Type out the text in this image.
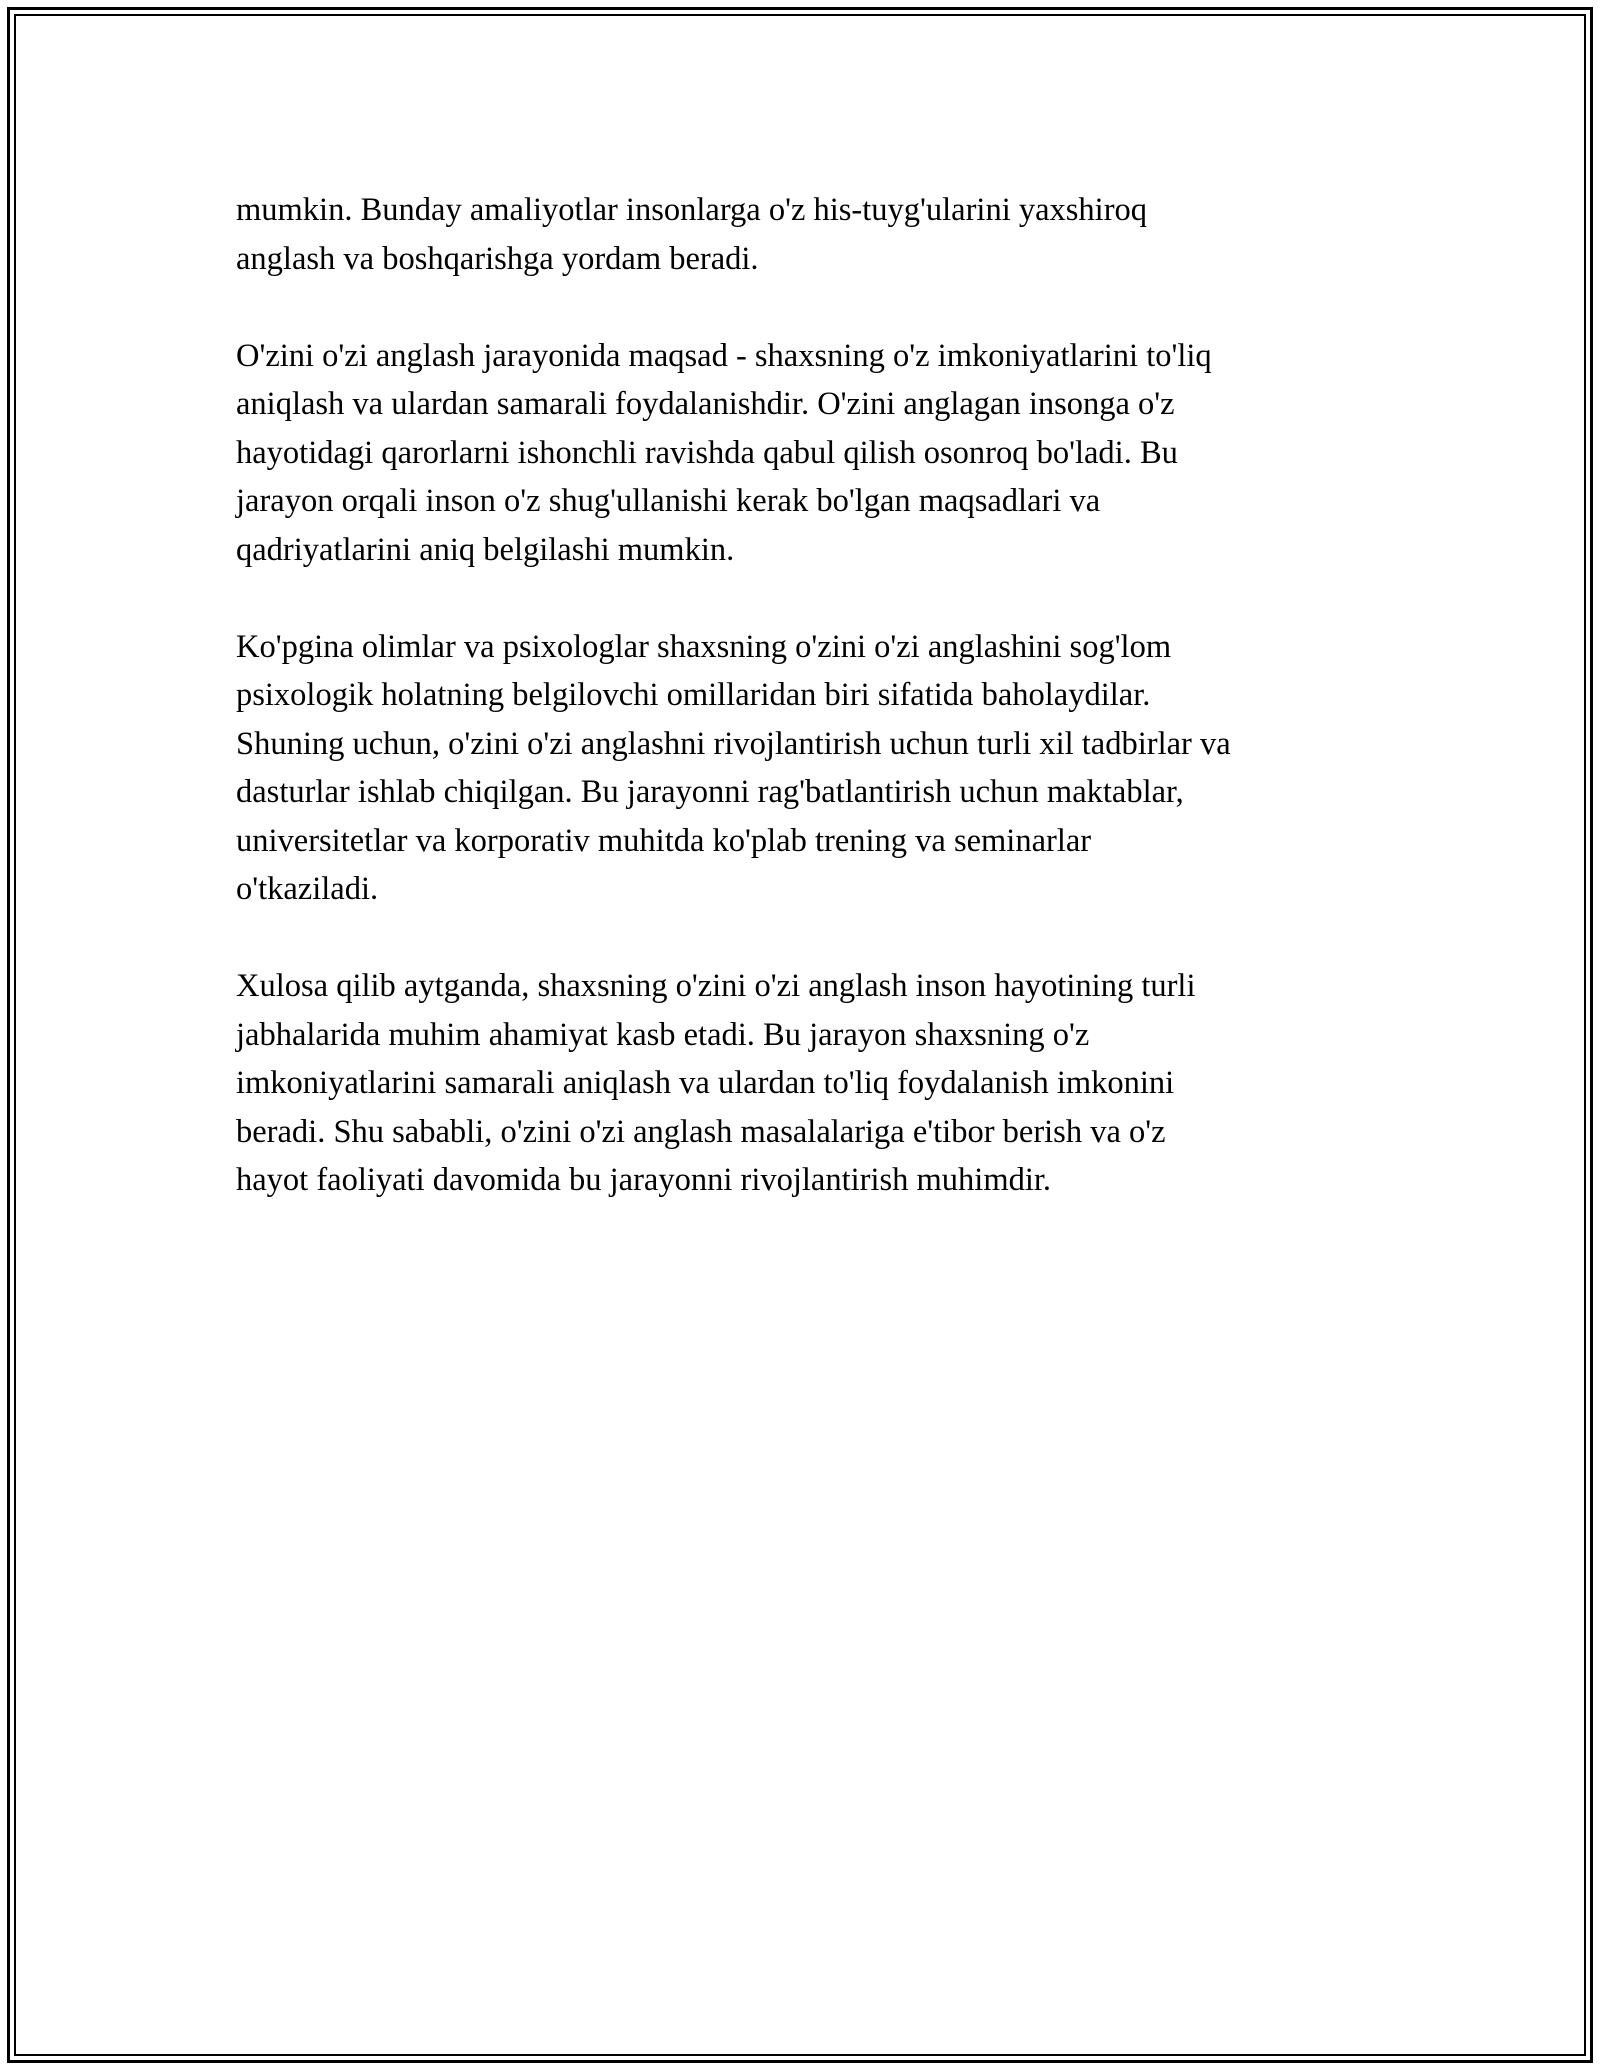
mumkin. Bunday amaliyotlar insonlarga o'z his-tuyg'ularini yaxshiroq
anglash va boshqarishga yordam beradi.

O'zini o'zi anglash jarayonida maqsad - shaxsning o'z imkoniyatlarini to'liq
aniqlash va ulardan samarali foydalanishdir. O'zini anglagan insonga o'z
hayotidagi qarorlarni ishonchli ravishda qabul qilish osonroq bo'ladi. Bu
jarayon orqali inson o'z shug'ullanishi kerak bo'lgan maqsadlari va
qadriyatlarini aniq belgilashi mumkin.

Ko'pgina olimlar va psixologlar shaxsning o'zini o'zi anglashini sog'lom
psixologik holatning belgilovchi omillaridan biri sifatida baholaydilar.
Shuning uchun, o'zini o'zi anglashni rivojlantirish uchun turli xil tadbirlar va
dasturlar ishlab chiqilgan. Bu jarayonni rag'batlantirish uchun maktablar,
universitetlar va korporativ muhitda ko'plab trening va seminarlar
o'tkaziladi.

Xulosa qilib aytganda, shaxsning o'zini o'zi anglash inson hayotining turli
jabhalarida muhim ahamiyat kasb etadi. Bu jarayon shaxsning o'z
imkoniyatlarini samarali aniqlash va ulardan to'liq foydalanish imkonini
beradi. Shu sababli, o'zini o'zi anglash masalalariga e'tibor berish va o'z
hayot faoliyati davomida bu jarayonni rivojlantirish muhimdir.
